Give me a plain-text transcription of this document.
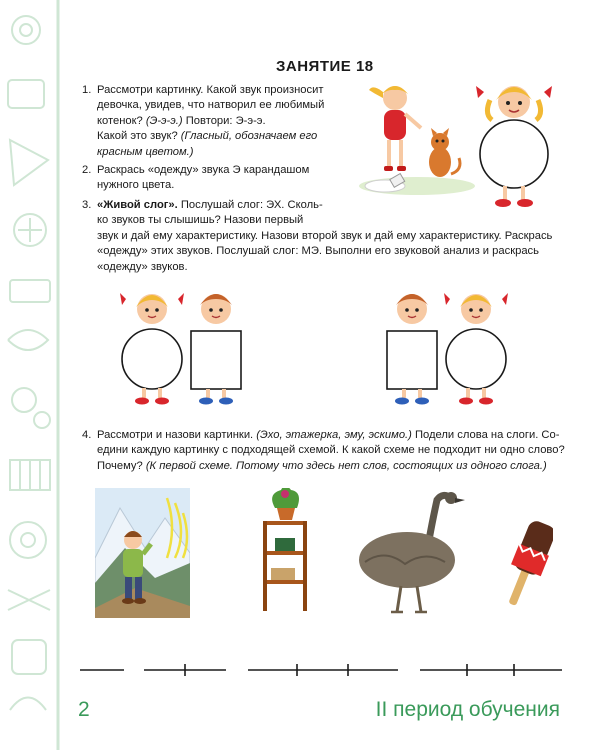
ЗАНЯТИЕ 18
1. Рассмотри картинку. Какой звук произносит
девочка, увидев, что натворил ее любимый
котенок? (Э-э-э.) Повтори: Э-э-э.
Какой это звук? (Гласный, обозначаем его
красным цветом.)
2. Раскрась «одежду» звука Э карандашом
нужного цвета.
3. «Живой слог». Послушай слог: ЭХ. Сколь-
ко звуков ты слышишь? Назови первый
звук и дай ему характеристику. Назови второй звук и дай ему характеристику. Раскрась
«одежду» этих звуков. Послушай слог: МЭ. Выполни его звуковой анализ и раскрась
«одежду» звуков.
4. Рассмотри и назови картинки. (Эхо, этажерка, эму, эскимо.) Подели слова на слоги. Со-
едини каждую картинку с подходящей схемой. К какой схеме не подходит ни одно слово?
Почему? (К первой схеме. Потому что здесь нет слов, состоящих из одного слога.)
2	II период обучения
